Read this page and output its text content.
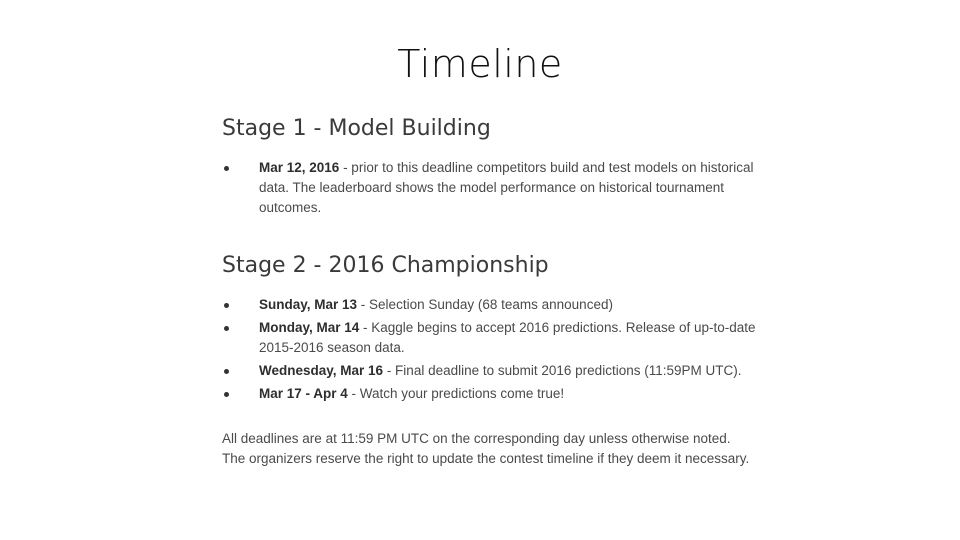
Timeline
Stage 1 - Model Building
Mar 12, 2016 - prior to this deadline competitors build and test models on historical data. The leaderboard shows the model performance on historical tournament outcomes.
Stage 2 - 2016 Championship
Sunday, Mar 13 - Selection Sunday (68 teams announced)
Monday, Mar 14 - Kaggle begins to accept 2016 predictions. Release of up-to-date 2015-2016 season data.
Wednesday, Mar 16 - Final deadline to submit 2016 predictions (11:59PM UTC).
Mar 17 - Apr 4 - Watch your predictions come true!

All deadlines are at 11:59 PM UTC on the corresponding day unless otherwise noted. The organizers reserve the right to update the contest timeline if they deem it necessary.
